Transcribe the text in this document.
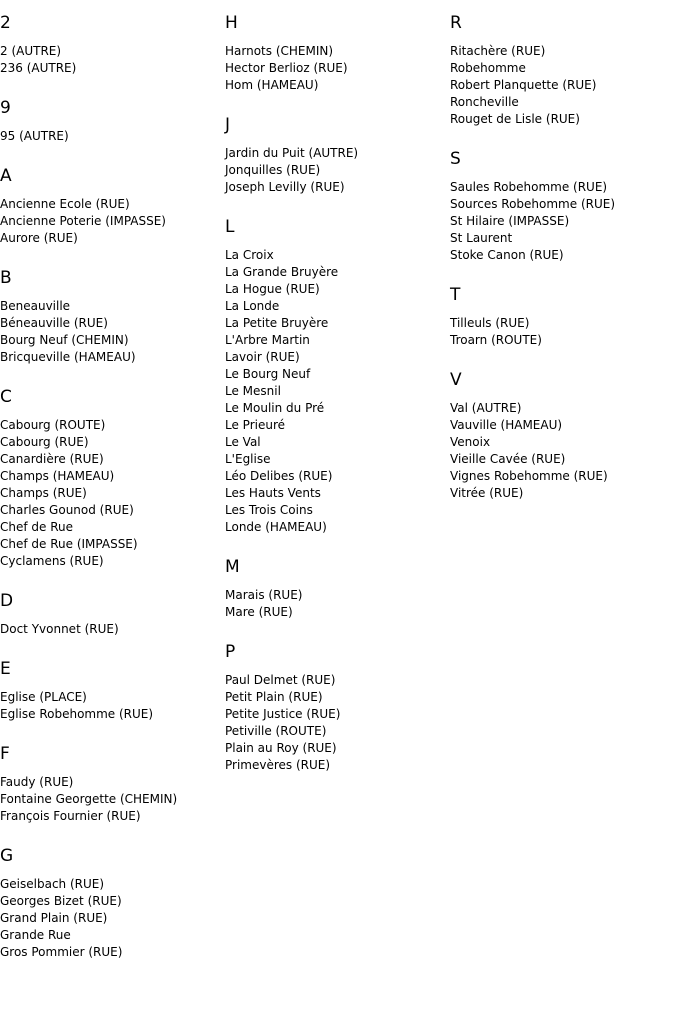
2
2 (AUTRE)
236 (AUTRE)
9
95 (AUTRE)
A
Ancienne Ecole (RUE)
Ancienne Poterie (IMPASSE)
Aurore (RUE)
B
Beneauville
Béneauville (RUE)
Bourg Neuf (CHEMIN)
Bricqueville (HAMEAU)
C
Cabourg (ROUTE)
Cabourg (RUE)
Canardière (RUE)
Champs (HAMEAU)
Champs (RUE)
Charles Gounod (RUE)
Chef de Rue
Chef de Rue (IMPASSE)
Cyclamens (RUE)
D
Doct Yvonnet (RUE)
E
Eglise (PLACE)
Eglise Robehomme (RUE)
F
Faudy (RUE)
Fontaine Georgette (CHEMIN)
François Fournier (RUE)
G
Geiselbach (RUE)
Georges Bizet (RUE)
Grand Plain (RUE)
Grande Rue
Gros Pommier (RUE)
H
Harnots (CHEMIN)
Hector Berlioz (RUE)
Hom (HAMEAU)
J
Jardin du Puit (AUTRE)
Jonquilles (RUE)
Joseph Levilly (RUE)
L
La Croix
La Grande Bruyère
La Hogue (RUE)
La Londe
La Petite Bruyère
L'Arbre Martin
Lavoir (RUE)
Le Bourg Neuf
Le Mesnil
Le Moulin du Pré
Le Prieuré
Le Val
L'Eglise
Léo Delibes (RUE)
Les Hauts Vents
Les Trois Coins
Londe (HAMEAU)
M
Marais (RUE)
Mare (RUE)
P
Paul Delmet (RUE)
Petit Plain (RUE)
Petite Justice (RUE)
Petiville (ROUTE)
Plain au Roy (RUE)
Primevères (RUE)
R
Ritachère (RUE)
Robehomme
Robert Planquette (RUE)
Roncheville
Rouget de Lisle (RUE)
S
Saules Robehomme (RUE)
Sources Robehomme (RUE)
St Hilaire (IMPASSE)
St Laurent
Stoke Canon (RUE)
T
Tilleuls (RUE)
Troarn (ROUTE)
V
Val (AUTRE)
Vauville (HAMEAU)
Venoix
Vieille Cavée (RUE)
Vignes Robehomme (RUE)
Vitrée (RUE)
